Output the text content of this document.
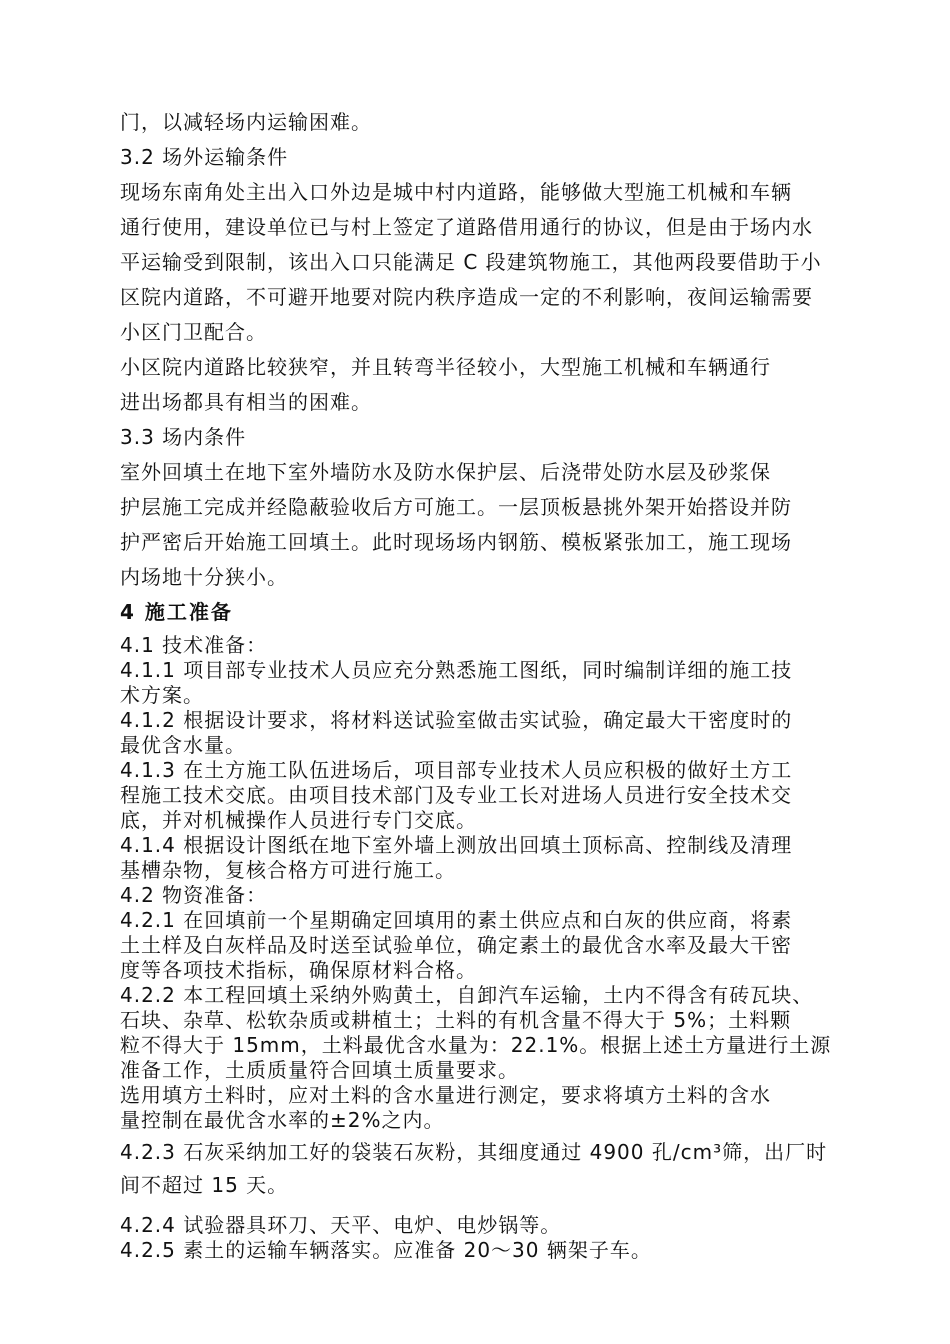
门，以减轻场内运输困难。
3.2 场外运输条件
现场东南角处主出入口外边是城中村内道路，能够做大型施工机械和车辆
通行使用，建设单位已与村上签定了道路借用通行的协议，但是由于场内水
平运输受到限制，该出入口只能满足 C 段建筑物施工，其他两段要借助于小
区院内道路，不可避开地要对院内秩序造成一定的不利影响，夜间运输需要
小区门卫配合。
小区院内道路比较狭窄，并且转弯半径较小，大型施工机械和车辆通行
进出场都具有相当的困难。
3.3 场内条件
室外回填土在地下室外墙防水及防水保护层、后浇带处防水层及砂浆保
护层施工完成并经隐蔽验收后方可施工。一层顶板悬挑外架开始搭设并防
护严密后开始施工回填土。此时现场场内钢筋、模板紧张加工，施工现场
内场地十分狭小。
4 施工准备
4.1 技术准备：
4.1.1 项目部专业技术人员应充分熟悉施工图纸，同时编制详细的施工技
术方案。
4.1.2 根据设计要求，将材料送试验室做击实试验，确定最大干密度时的
最优含水量。
4.1.3 在土方施工队伍进场后，项目部专业技术人员应积极的做好土方工
程施工技术交底。由项目技术部门及专业工长对进场人员进行安全技术交
底，并对机械操作人员进行专门交底。
4.1.4 根据设计图纸在地下室外墙上测放出回填土顶标高、控制线及清理
基槽杂物，复核合格方可进行施工。
4.2 物资准备：
4.2.1 在回填前一个星期确定回填用的素土供应点和白灰的供应商，将素
土土样及白灰样品及时送至试验单位，确定素土的最优含水率及最大干密
度等各项技术指标，确保原材料合格。
4.2.2 本工程回填土采纳外购黄土，自卸汽车运输，土内不得含有砖瓦块、
石块、杂草、松软杂质或耕植土；土料的有机含量不得大于 5%；土料颗
粒不得大于 15mm，土料最优含水量为：22.1%。根据上述土方量进行土源
准备工作，土质质量符合回填土质量要求。
选用填方土料时，应对土料的含水量进行测定，要求将填方土料的含水
量控制在最优含水率的±2%之内。
4.2.3 石灰采纳加工好的袋装石灰粉，其细度通过 4900 孔/cm³筛，出厂时
间不超过 15 天。
4.2.4 试验器具环刀、天平、电炉、电炒锅等。
4.2.5 素土的运输车辆落实。应准备 20～30 辆架子车。
